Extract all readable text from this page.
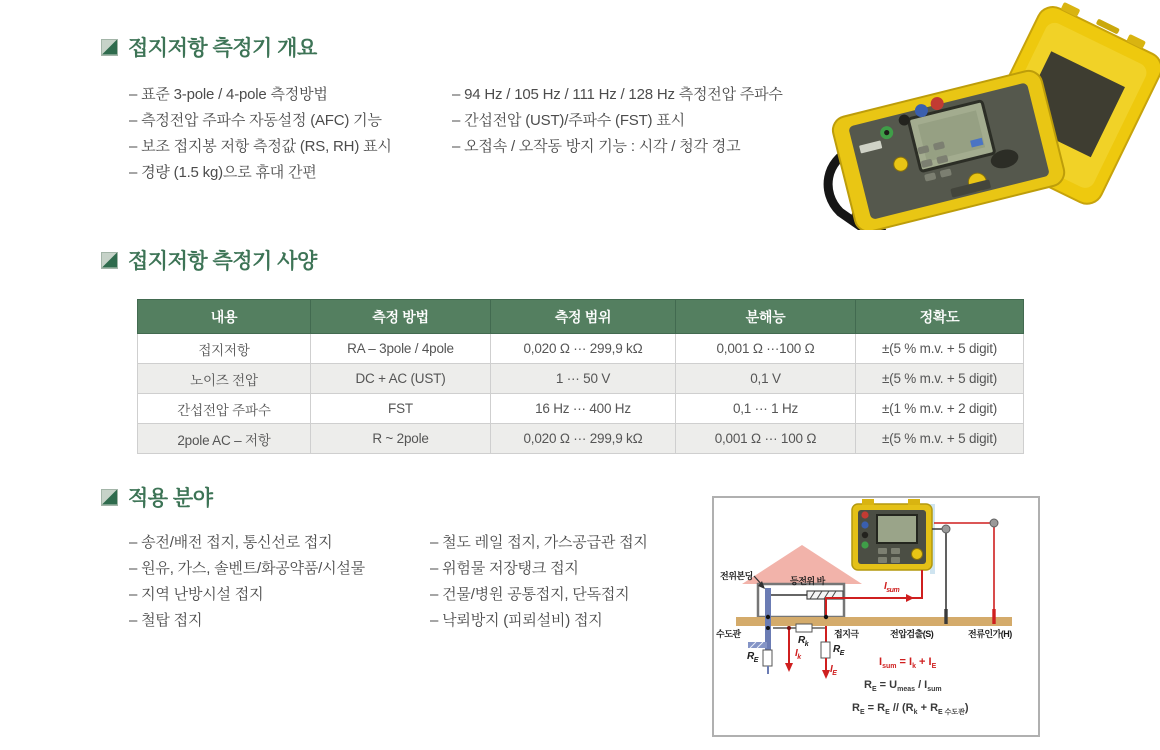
접지저항 측정기 개요
– 표준 3-pole / 4-pole 측정방법
– 측정전압 주파수 자동설정 (AFC) 기능
– 보조 접지봉 저항 측정값 (RS, RH) 표시
– 경량 (1.5 kg)으로 휴대 간편
– 94 Hz / 105 Hz / 111 Hz / 128 Hz 측정전압 주파수
– 간섭전압 (UST)/주파수 (FST) 표시
– 오접속 / 오작동 방지 기능 : 시각 / 청각 경고
접지저항 측정기 사양
내용	측정 방법	측정 범위	분해능	정확도
접지저항	RA – 3pole / 4pole	0,020 Ω ··· 299,9 kΩ	0,001 Ω ···100 Ω	±(5 % m.v. + 5 digit)
노이즈 전압	DC + AC (UST)	1 ··· 50 V	0,1 V	±(5 % m.v. + 5 digit)
간섭전압 주파수	FST	16 Hz ··· 400 Hz	0,1 ··· 1 Hz	±(1 % m.v. + 2 digit)
2pole AC – 저항	R ~ 2pole	0,020 Ω ··· 299,9 kΩ	0,001 Ω ··· 100 Ω	±(5 % m.v. + 5 digit)
적용 분야
– 송전/배전 접지, 통신선로 접지
– 원유, 가스, 솔벤트/화공약품/시설물
– 지역 난방시설 접지
– 철탑 접지
– 철도 레일 접지, 가스공급관 접지
– 위험물 저장탱크 접지
– 건물/병원 공통접지, 단독접지
– 낙뢰방지 (피뢰설비) 접지
전위본딩	등전위 바
수도관	접지극	전압검출(S)	전류인가(H)
$I_{sum}$
$R_k$
$I_k$
$R_E$
$R_E$
$I_E$
$I_{sum} = I_k + I_E$
$R_E = U_{meas} / I_{sum}$
$R_E = R_E // (R_k + R_{E 수도관})$
